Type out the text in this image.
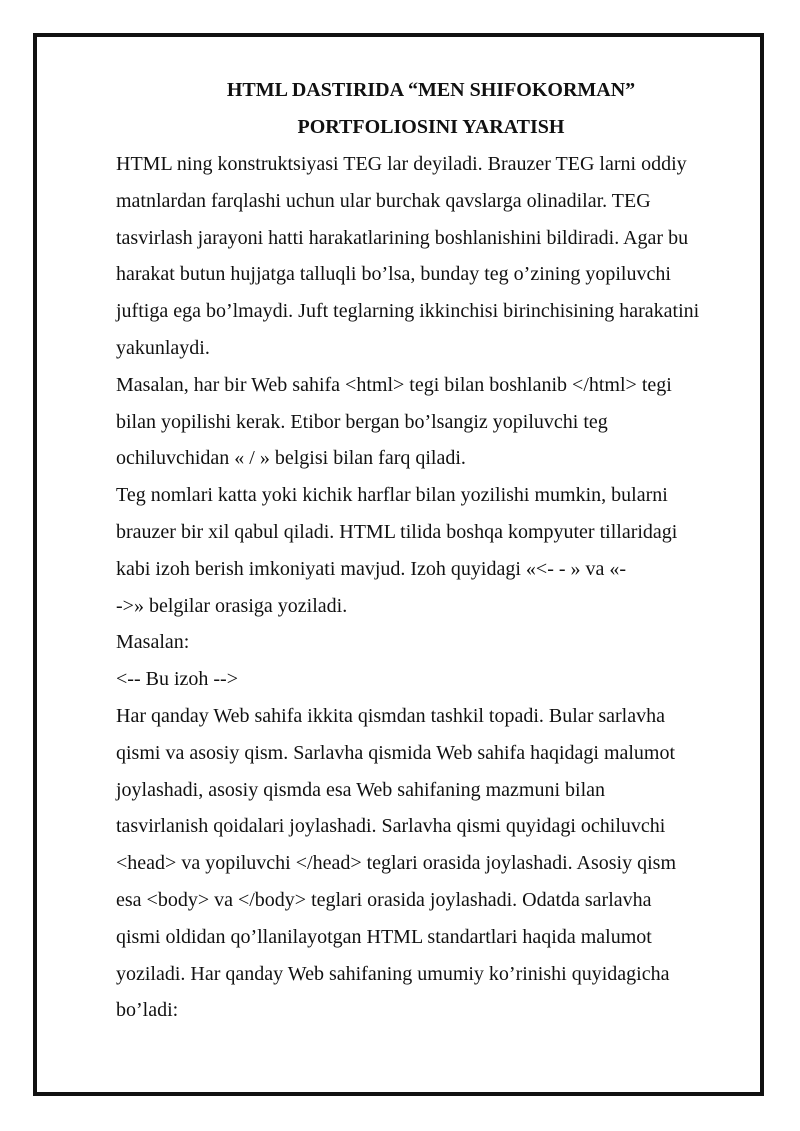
HTML DASTIRIDA “MEN SHIFOKORMAN”
PORTFOLIOSINI YARATISH

HTML ning konstruktsiyasi TEG lar deyiladi. Brauzer TEG larni oddiy
matnlardan farqlashi uchun ular burchak qavslarga olinadilar. TEG
tasvirlash jarayoni hatti harakatlarining boshlanishini bildiradi. Agar bu
harakat butun hujjatga talluqli bo’lsa, bunday teg o’zining yopiluvchi
juftiga ega bo’lmaydi. Juft teglarning ikkinchisi birinchisining harakatini
yakunlaydi.

Masalan, har bir Web sahifa <html> tegi bilan boshlanib </html> tegi
bilan yopilishi kerak. Etibor bergan bo’lsangiz yopiluvchi teg
ochiluvchidan « / » belgisi bilan farq qiladi.

Teg nomlari katta yoki kichik harflar bilan yozilishi mumkin, bularni
brauzer bir xil qabul qiladi. HTML tilida boshqa kompyuter tillaridagi
kabi izoh berish imkoniyati mavjud. Izoh quyidagi «<- - » va «-
->» belgilar orasiga yoziladi.

Masalan:

<-- Bu izoh -->

Har qanday Web sahifa ikkita qismdan tashkil topadi. Bular sarlavha
qismi va asosiy qism. Sarlavha qismida Web sahifa haqidagi malumot
joylashadi, asosiy qismda esa Web sahifaning mazmuni bilan
tasvirlanish qoidalari joylashadi. Sarlavha qismi quyidagi ochiluvchi
<head> va yopiluvchi </head> teglari orasida joylashadi. Asosiy qism
esa <body> va </body> teglari orasida joylashadi. Odatda sarlavha
qismi oldidan qo’llanilayotgan HTML standartlari haqida malumot
yoziladi. Har qanday Web sahifaning umumiy ko’rinishi quyidagicha
bo’ladi:
